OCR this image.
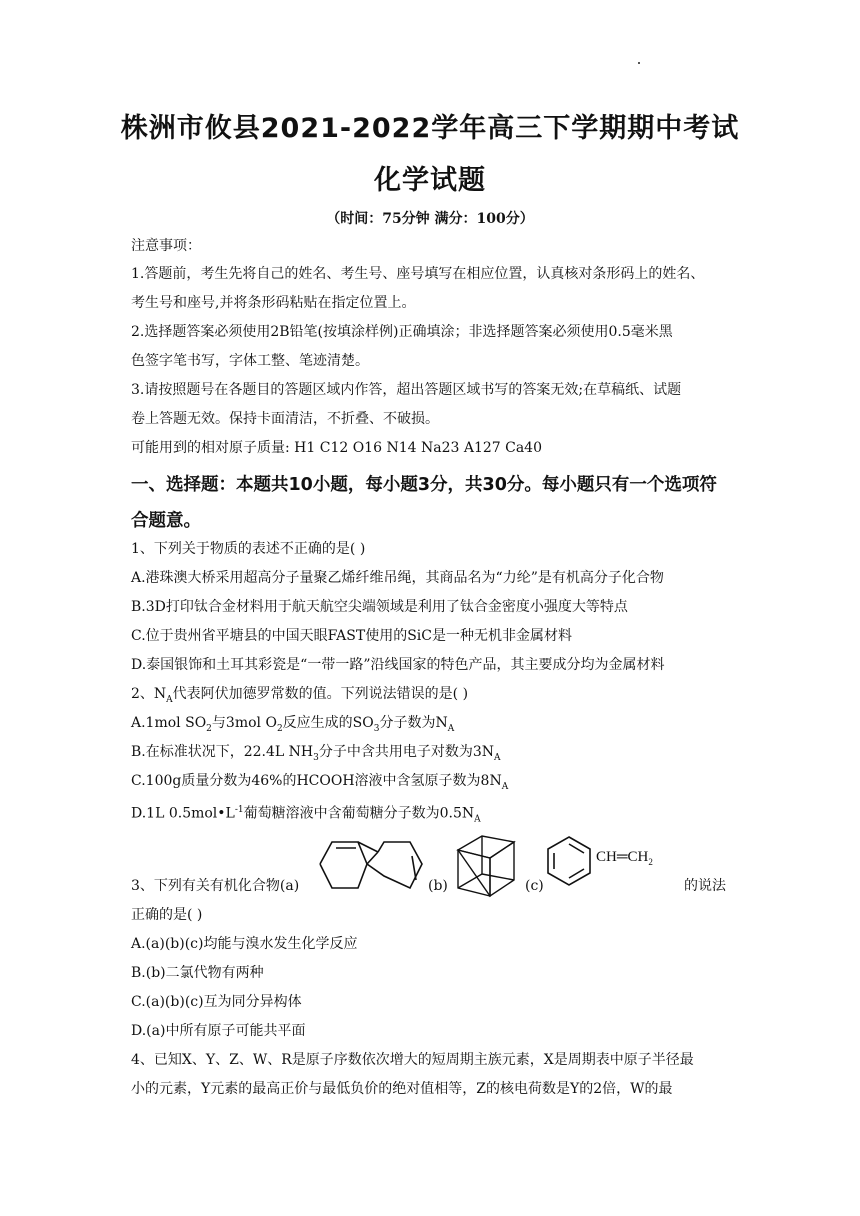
株洲市攸县2021-2022学年高三下学期期中考试
化学试题
（时间：75分钟 满分：100分）
注意事项：
1.答题前，考生先将自己的姓名、考生号、座号填写在相应位置，认真核对条形码上的姓名、
考生号和座号,并将条形码粘贴在指定位置上。
2.选择题答案必须使用2B铅笔(按填涂样例)正确填涂；非选择题答案必须使用0.5毫米黑
色签字笔书写，字体工整、笔迹清楚。
3.请按照题号在各题目的答题区域内作答，超出答题区域书写的答案无效;在草稿纸、试题
卷上答题无效。保持卡面清洁，不折叠、不破损。
可能用到的相对原子质量: H1 C12 O16 N14 Na23 A127 Ca40
一、选择题：本题共10小题，每小题3分，共30分。每小题只有一个选项符
合题意。
1、下列关于物质的表述不正确的是( )
A.港珠澳大桥采用超高分子量聚乙烯纤维吊绳，其商品名为“力纶”是有机高分子化合物
B.3D打印钛合金材料用于航天航空尖端领域是利用了钛合金密度小强度大等特点
C.位于贵州省平塘县的中国天眼FAST使用的SiC是一种无机非金属材料
D.泰国银饰和土耳其彩瓷是“一带一路”沿线国家的特色产品，其主要成分均为金属材料
2、$N_A$代表阿伏加德罗常数的值。下列说法错误的是( )
A.1mol $SO_2$与3mol $O_2$反应生成的$SO_3$分子数为$N_A$
B.在标准状况下，22.4L $NH_3$分子中含共用电子对数为$3N_A$
C.100g质量分数为46%的HCOOH溶液中含氢原子数为$8N_A$
D.1L $0.5mol•L^{-1}$葡萄糖溶液中含葡萄糖分子数为$0.5N_A$
3、下列有关有机化合物(a)	(b)	(c)
$CH═CH_2$
的说法
正确的是( )
A.(a)(b)(c)均能与溴水发生化学反应
B.(b)二氯代物有两种
C.(a)(b)(c)互为同分异构体
D.(a)中所有原子可能共平面
4、已知X、Y、Z、W、R是原子序数依次增大的短周期主族元素，X是周期表中原子半径最
小的元素，Y元素的最高正价与最低负价的绝对值相等，Z的核电荷数是Y的2倍，W的最
